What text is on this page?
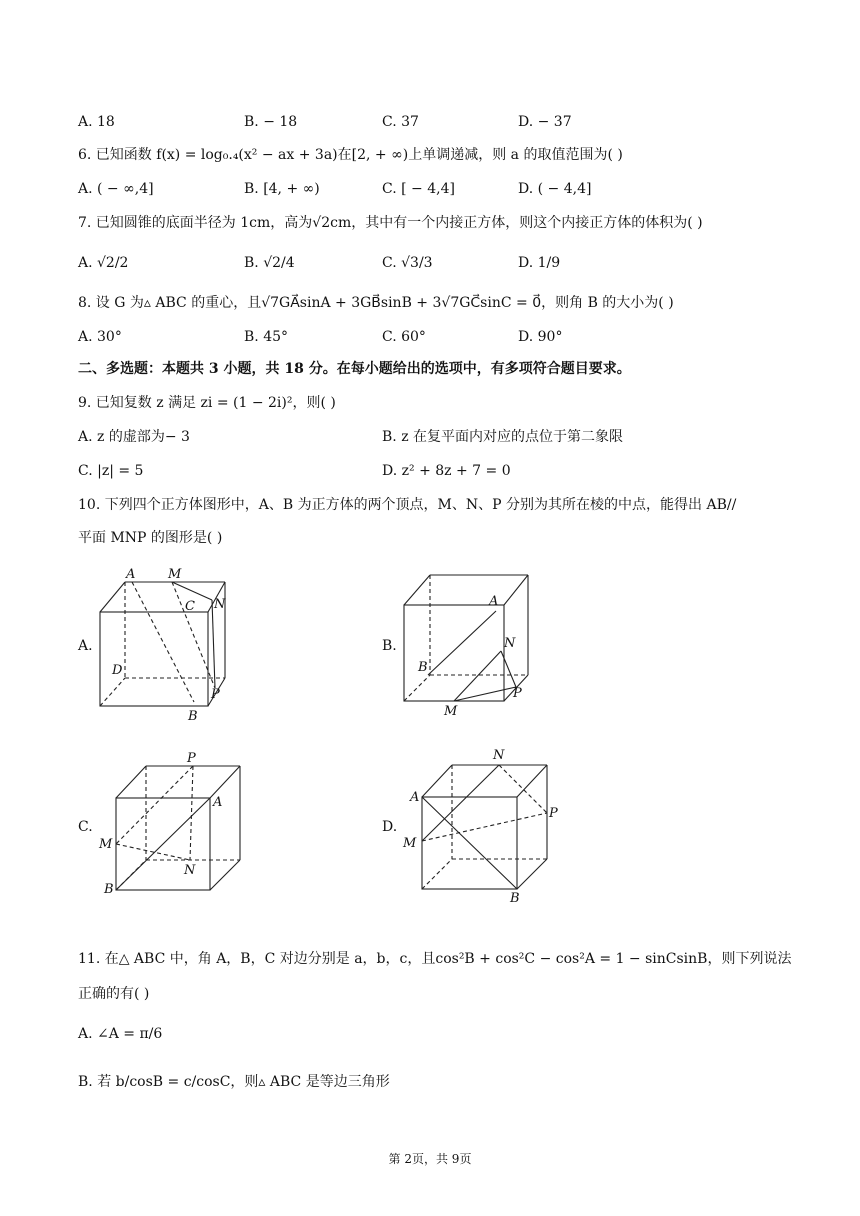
A. 18	B. − 18	C. 37	D. − 37
6. 已知函数 f(x) = log₀.₄(x² − ax + 3a)在[2, + ∞)上单调递减，则 a 的取值范围为( )
A. ( − ∞,4]	B. [4, + ∞)	C. [ − 4,4]	D. ( − 4,4]
7. 已知圆锥的底面半径为 1cm，高为√2cm，其中有一个内接正方体，则这个内接正方体的体积为( )
A. √2/2	B. √2/4	C. √3/3	D. 1/9
8. 设 G 为▵ ABC 的重心，且√7GA⃗sinA + 3GB⃗sinB + 3√7GC⃗sinC = 0⃗，则角 B 的大小为( )
A. 30°	B. 45°	C. 60°	D. 90°
二、多选题：本题共 3 小题，共 18 分。在每小题给出的选项中，有多项符合题目要求。
9. 已知复数 z 满足 zi = (1 − 2i)²，则( )
A. z 的虚部为− 3	B. z 在复平面内对应的点位于第二象限
C. |z| = 5	D. z² + 8z + 7 = 0
10. 下列四个正方体图形中，A、B 为正方体的两个顶点，M、N、P 分别为其所在棱的中点，能得出 AB//
平面 MNP 的图形是( )
A.	B.
C.	D.
A	M
C N
D
P
B
A
N
B
P
M
P
A
M
N
B
N
A
P
M
B
11. 在△ ABC 中，角 A，B，C 对边分别是 a，b，c，且cos²B + cos²C − cos²A = 1 − sinCsinB，则下列说法
正确的有( )
A. ∠A = π/6
B. 若 b/cosB = c/cosC，则▵ ABC 是等边三角形
第 2页，共 9页
